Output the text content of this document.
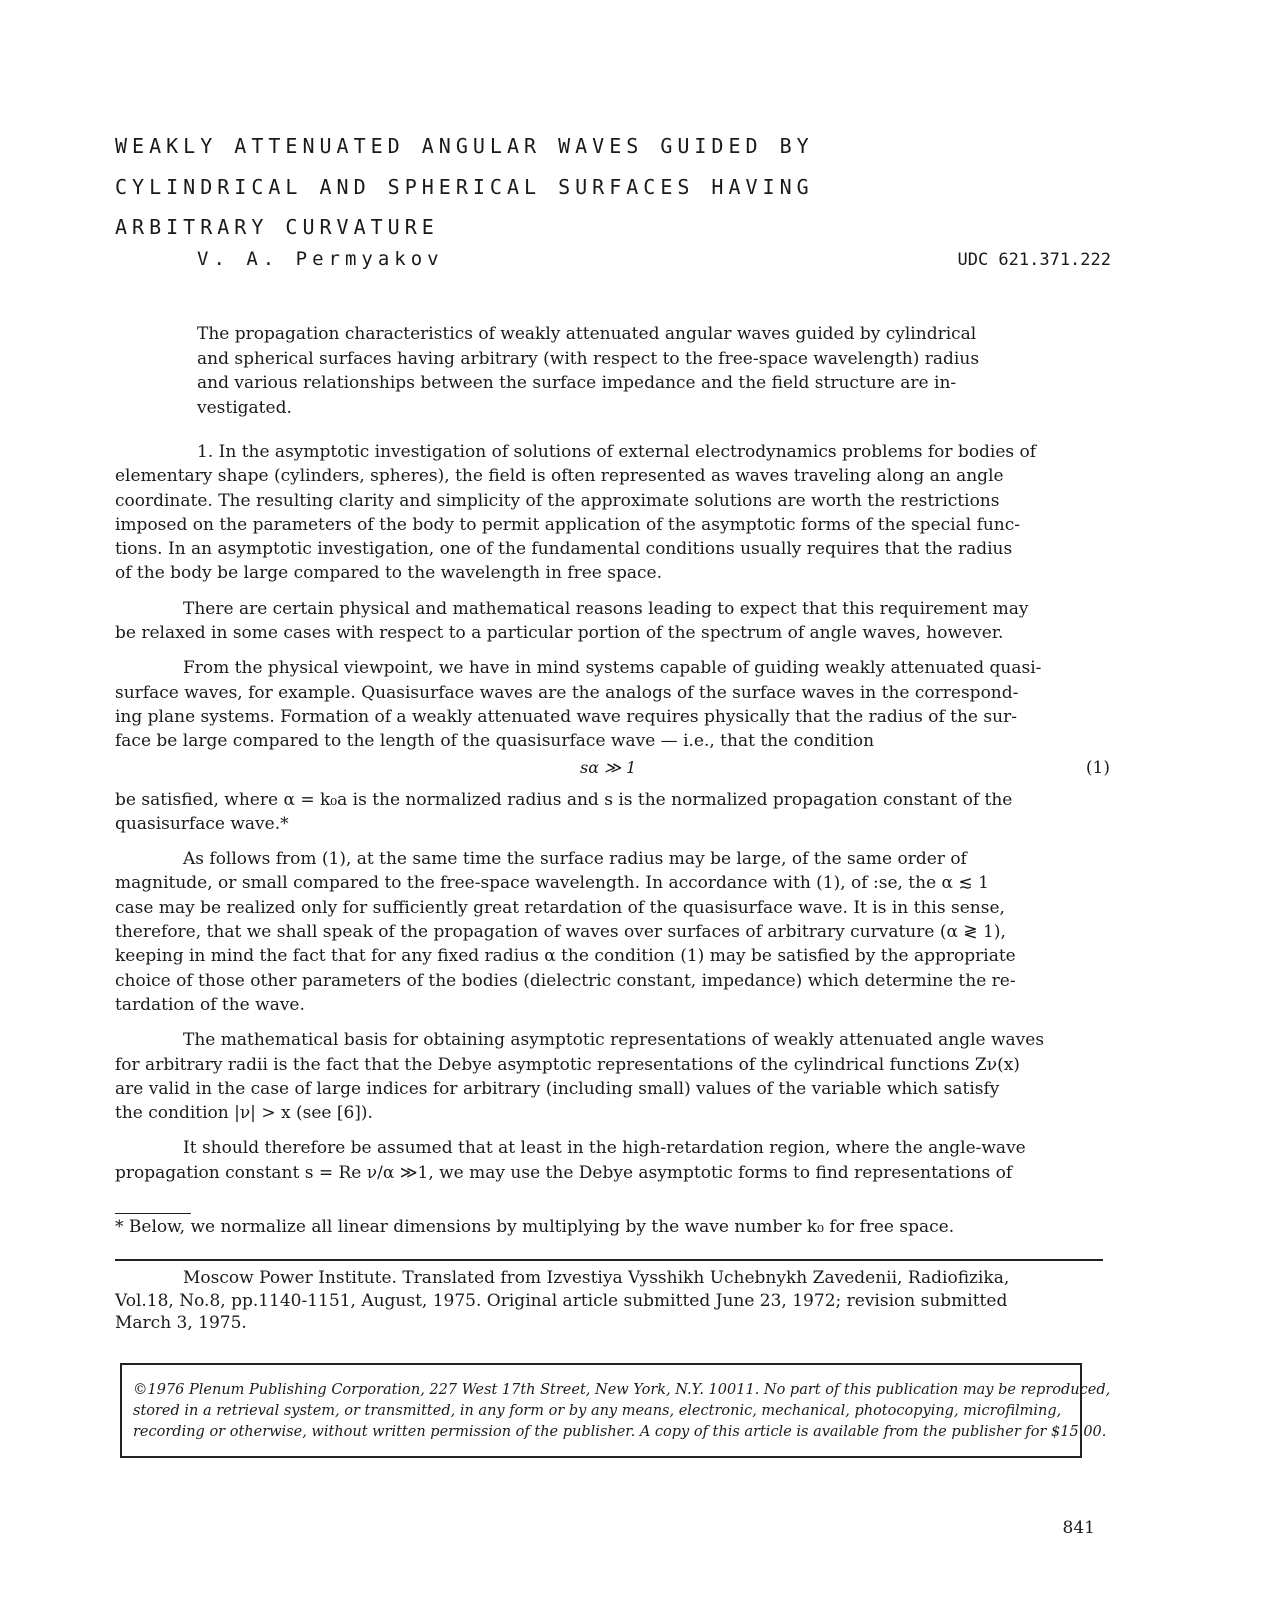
WEAKLY ATTENUATED ANGULAR WAVES GUIDED BY
CYLINDRICAL AND SPHERICAL SURFACES HAVING
ARBITRARY CURVATURE
V. A. Permyakov	UDC 621.371.222
The propagation characteristics of weakly attenuated angular waves guided by cylindrical
and spherical surfaces having arbitrary (with respect to the free-space wavelength) radius
and various relationships between the surface impedance and the field structure are in-
vestigated.
1. In the asymptotic investigation of solutions of external electrodynamics problems for bodies of
elementary shape (cylinders, spheres), the field is often represented as waves traveling along an angle
coordinate. The resulting clarity and simplicity of the approximate solutions are worth the restrictions
imposed on the parameters of the body to permit application of the asymptotic forms of the special func-
tions. In an asymptotic investigation, one of the fundamental conditions usually requires that the radius
of the body be large compared to the wavelength in free space.
There are certain physical and mathematical reasons leading to expect that this requirement may
be relaxed in some cases with respect to a particular portion of the spectrum of angle waves, however.
From the physical viewpoint, we have in mind systems capable of guiding weakly attenuated quasi-
surface waves, for example. Quasisurface waves are the analogs of the surface waves in the correspond-
ing plane systems. Formation of a weakly attenuated wave requires physically that the radius of the sur-
face be large compared to the length of the quasisurface wave — i.e., that the condition
sα ≫ 1	(1)
be satisfied, where α = k₀a is the normalized radius and s is the normalized propagation constant of the
quasisurface wave.*
As follows from (1), at the same time the surface radius may be large, of the same order of
magnitude, or small compared to the free-space wavelength. In accordance with (1), of :se, the α ≲ 1
case may be realized only for sufficiently great retardation of the quasisurface wave. It is in this sense,
therefore, that we shall speak of the propagation of waves over surfaces of arbitrary curvature (α ≷ 1),
keeping in mind the fact that for any fixed radius α the condition (1) may be satisfied by the appropriate
choice of those other parameters of the bodies (dielectric constant, impedance) which determine the re-
tardation of the wave.
The mathematical basis for obtaining asymptotic representations of weakly attenuated angle waves
for arbitrary radii is the fact that the Debye asymptotic representations of the cylindrical functions Zν(x)
are valid in the case of large indices for arbitrary (including small) values of the variable which satisfy
the condition |ν| > x (see [6]).
It should therefore be assumed that at least in the high-retardation region, where the angle-wave
propagation constant s = Re ν/α ≫1, we may use the Debye asymptotic forms to find representations of
* Below, we normalize all linear dimensions by multiplying by the wave number k₀ for free space.
Moscow Power Institute. Translated from Izvestiya Vysshikh Uchebnykh Zavedenii, Radiofizika,
Vol.18, No.8, pp.1140-1151, August, 1975. Original article submitted June 23, 1972; revision submitted
March 3, 1975.
©1976 Plenum Publishing Corporation, 227 West 17th Street, New York, N.Y. 10011. No part of this publication may be reproduced,
stored in a retrieval system, or transmitted, in any form or by any means, electronic, mechanical, photocopying, microfilming,
recording or otherwise, without written permission of the publisher. A copy of this article is available from the publisher for $15.00.
841
